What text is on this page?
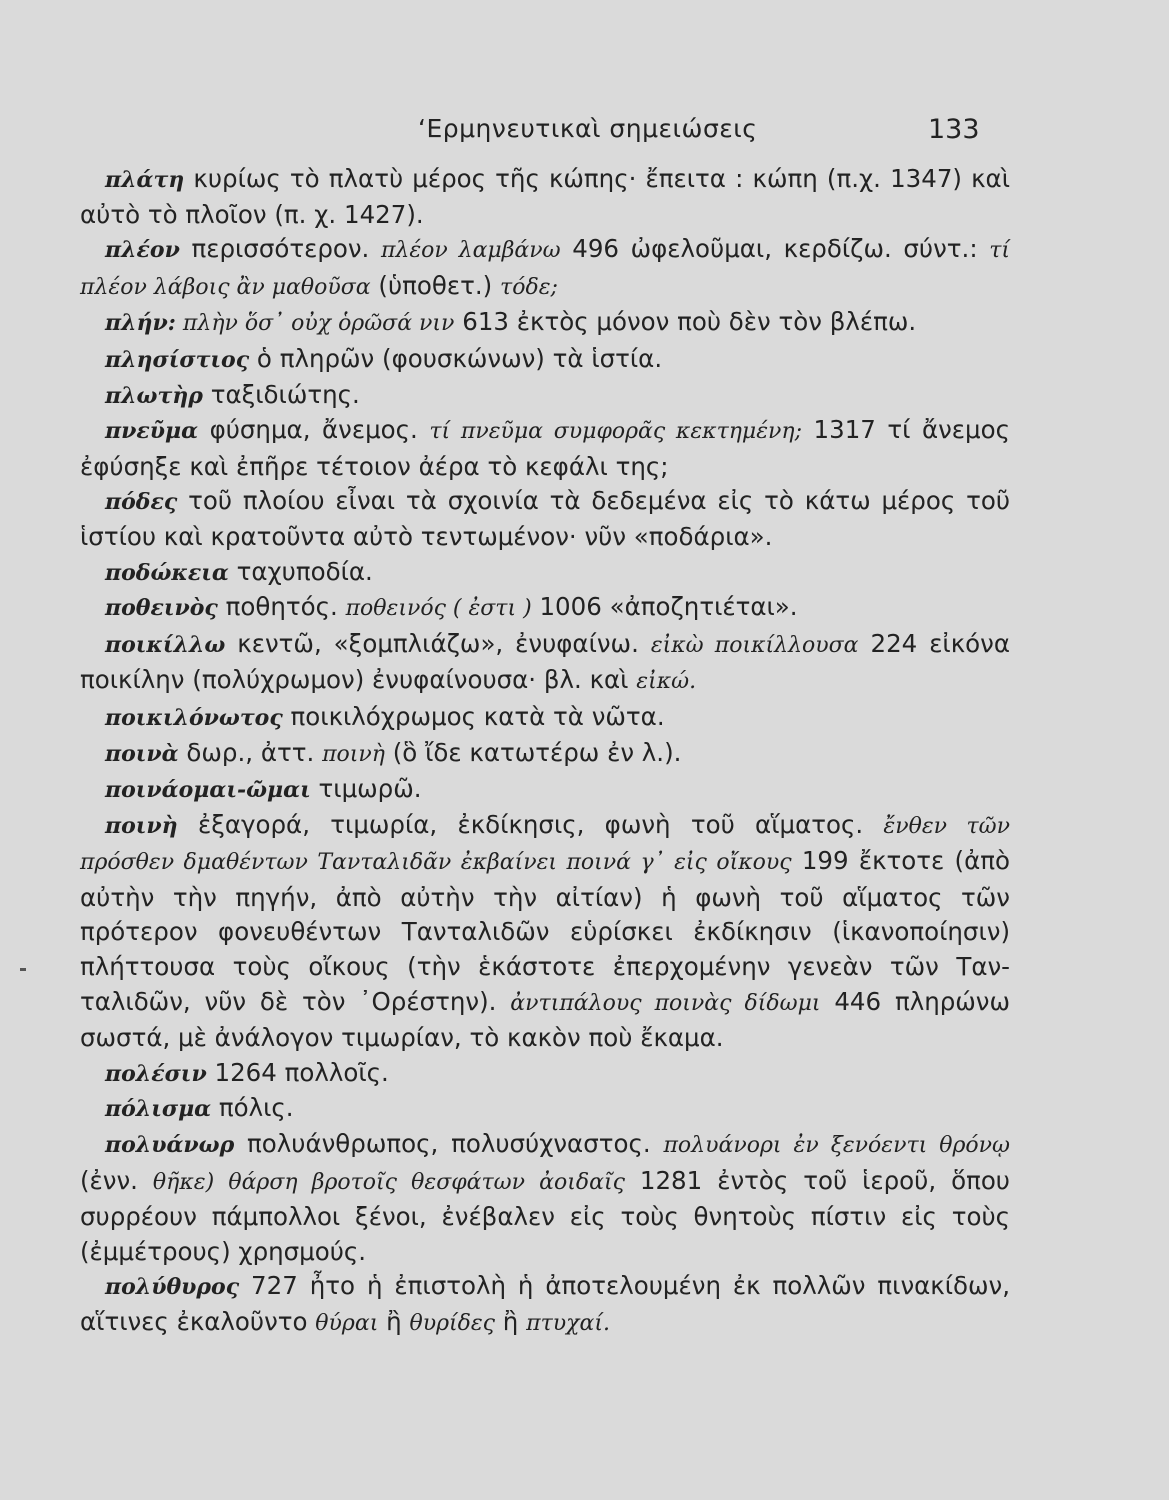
‘Ερμηνευτικαὶ σημειώσεις	133

πλάτη κυρίως τὸ πλατὺ μέρος τῆς κώπης· ἔπειτα : κώπη (π.χ. 1347) καὶ αὐτὸ τὸ πλοῖον (π. χ. 1427).

πλέον περισσότερον. πλέον λαμβάνω 496 ὠφελοῦμαι, κερδίζω. σύντ.: τί πλέον λάβοις ἂν μαθοῦσα (ὑποθετ.) τόδε;

πλήν: πλὴν ὅσ᾽ οὐχ ὁρῶσά νιν 613 ἐκτὸς μόνον ποὺ δὲν τὸν βλέπω.

πλησίστιος ὁ πληρῶν (φουσκώνων) τὰ ἱστία.

πλωτὴρ ταξιδιώτης.

πνεῦμα φύσημα, ἄνεμος. τί πνεῦμα συμφορᾶς κεκτημένη; 1317 τί ἄνεμος ἐφύσηξε καὶ ἐπῆρε τέτοιον ἀέρα τὸ κεφάλι της;

πόδες τοῦ πλοίου εἶναι τὰ σχοινία τὰ δεδεμένα εἰς τὸ κάτω μέρος τοῦ ἱστίου καὶ κρατοῦντα αὐτὸ τεντωμένον· νῦν «ποδάρια».

ποδώκεια ταχυποδία.

ποθεινὸς ποθητός. ποθεινός ( ἐστι ) 1006 «ἀποζητιέται».

ποικίλλω κεντῶ, «ξομπλιάζω», ἐνυφαίνω. εἰκὼ ποικίλλουσα 224 εἰκόνα ποικίλην (πολύχρωμον) ἐνυφαίνουσα· βλ. καὶ εἰκώ.

ποικιλόνωτος ποικιλόχρωμος κατὰ τὰ νῶτα.

ποινὰ δωρ., ἀττ. ποινὴ (ὃ ἴδε κατωτέρω ἐν λ.).

ποινάομαι-ῶμαι τιμωρῶ.

ποινὴ ἐξαγορά, τιμωρία, ἐκδίκησις, φωνὴ τοῦ αἵματος. ἔνθεν τῶν πρόσθεν δμαθέντων Τανταλιδᾶν ἐκβαίνει ποινά γ᾽ εἰς οἴκους 199 ἔκτοτε (ἀπὸ αὐτὴν τὴν πηγήν, ἀπὸ αὐτὴν τὴν αἰτίαν) ἡ φωνὴ τοῦ αἵματος τῶν πρότερον φονευθέντων Τανταλιδῶν εὑρίσκει ἐκδίκησιν (ἱκανοποίησιν) πλήττουσα τοὺς οἴκους (τὴν ἑκάστοτε ἐπερχομένην γενεὰν τῶν Τανταλιδῶν, νῦν δὲ τὸν ᾿Ορέστην). ἀντιπάλους ποινὰς δίδωμι 446 πληρώνω σωστά, μὲ ἀνάλογον τιμωρίαν, τὸ κακὸν ποὺ ἔκαμα.

πολέσιν 1264 πολλοῖς.

πόλισμα πόλις.

πολυάνωρ πολυάνθρωπος, πολυσύχναστος. πολυάνορι ἐν ξενόεντι θρόνῳ (ἐνν. θῆκε) θάρση βροτοῖς θεσφάτων ἀοιδαῖς 1281 ἐντὸς τοῦ ἱεροῦ, ὅπου συρρέουν πάμπολλοι ξένοι, ἐνέβαλεν εἰς τοὺς θνητοὺς πίστιν εἰς τοὺς (ἐμμέτρους) χρησμούς.

πολύθυρος 727 ἦτο ἡ ἐπιστολὴ ἡ ἀποτελουμένη ἐκ πολλῶν πινακίδων, αἵτινες ἐκαλοῦντο θύραι ἢ θυρίδες ἢ πτυχαί.
